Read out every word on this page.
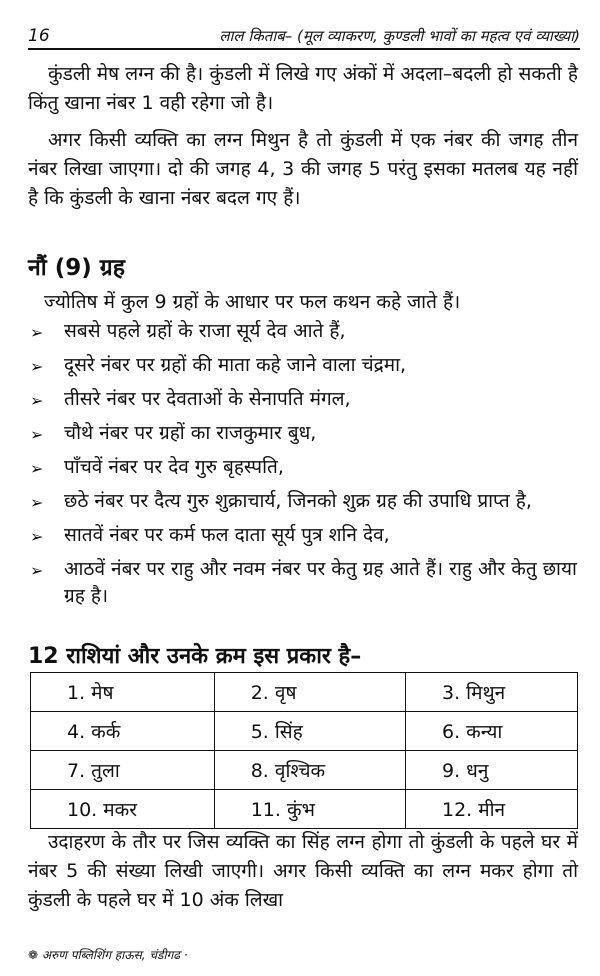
16	लाल किताब– (मूल व्याकरण, कुण्डली भावों का महत्व एवं व्याख्या)

कुंडली मेष लग्न की है। कुंडली में लिखे गए अंकों में अदला–बदली हो सकती है किंतु खाना नंबर 1 वही रहेगा जो है।

अगर किसी व्यक्ति का लग्न मिथुन है तो कुंडली में एक नंबर की जगह तीन नंबर लिखा जाएगा। दो की जगह 4, 3 की जगह 5 परंतु इसका मतलब यह नहीं है कि कुंडली के खाना नंबर बदल गए हैं।

नौं (9) ग्रह
ज्योतिष में कुल 9 ग्रहों के आधार पर फल कथन कहे जाते हैं।
➢ सबसे पहले ग्रहों के राजा सूर्य देव आते हैं,
➢ दूसरे नंबर पर ग्रहों की माता कहे जाने वाला चंद्रमा,
➢ तीसरे नंबर पर देवताओं के सेनापति मंगल,
➢ चौथे नंबर पर ग्रहों का राजकुमार बुध,
➢ पाँचवें नंबर पर देव गुरु बृहस्पति,
➢ छठे नंबर पर दैत्य गुरु शुक्राचार्य, जिनको शुक्र ग्रह की उपाधि प्राप्त है,
➢ सातवें नंबर पर कर्म फल दाता सूर्य पुत्र शनि देव,
➢ आठवें नंबर पर राहु और नवम नंबर पर केतु ग्रह आते हैं। राहु और केतु छाया ग्रह है।
12 राशियां और उनके क्रम इस प्रकार है–
1. मेष	2. वृष	3. मिथुन
4. कर्क	5. सिंह	6. कन्या
7. तुला	8. वृश्चिक	9. धनु
10. मकर	11. कुंभ	12. मीन

उदाहरण के तौर पर जिस व्यक्ति का सिंह लग्न होगा तो कुंडली के पहले घर में नंबर 5 की संख्या लिखी जाएगी। अगर किसी व्यक्ति का लग्न मकर होगा तो कुंडली के पहले घर में 10 अंक लिखा

❁ अरुण पब्लिशिंग हाऊस, चंडीगढ ·
